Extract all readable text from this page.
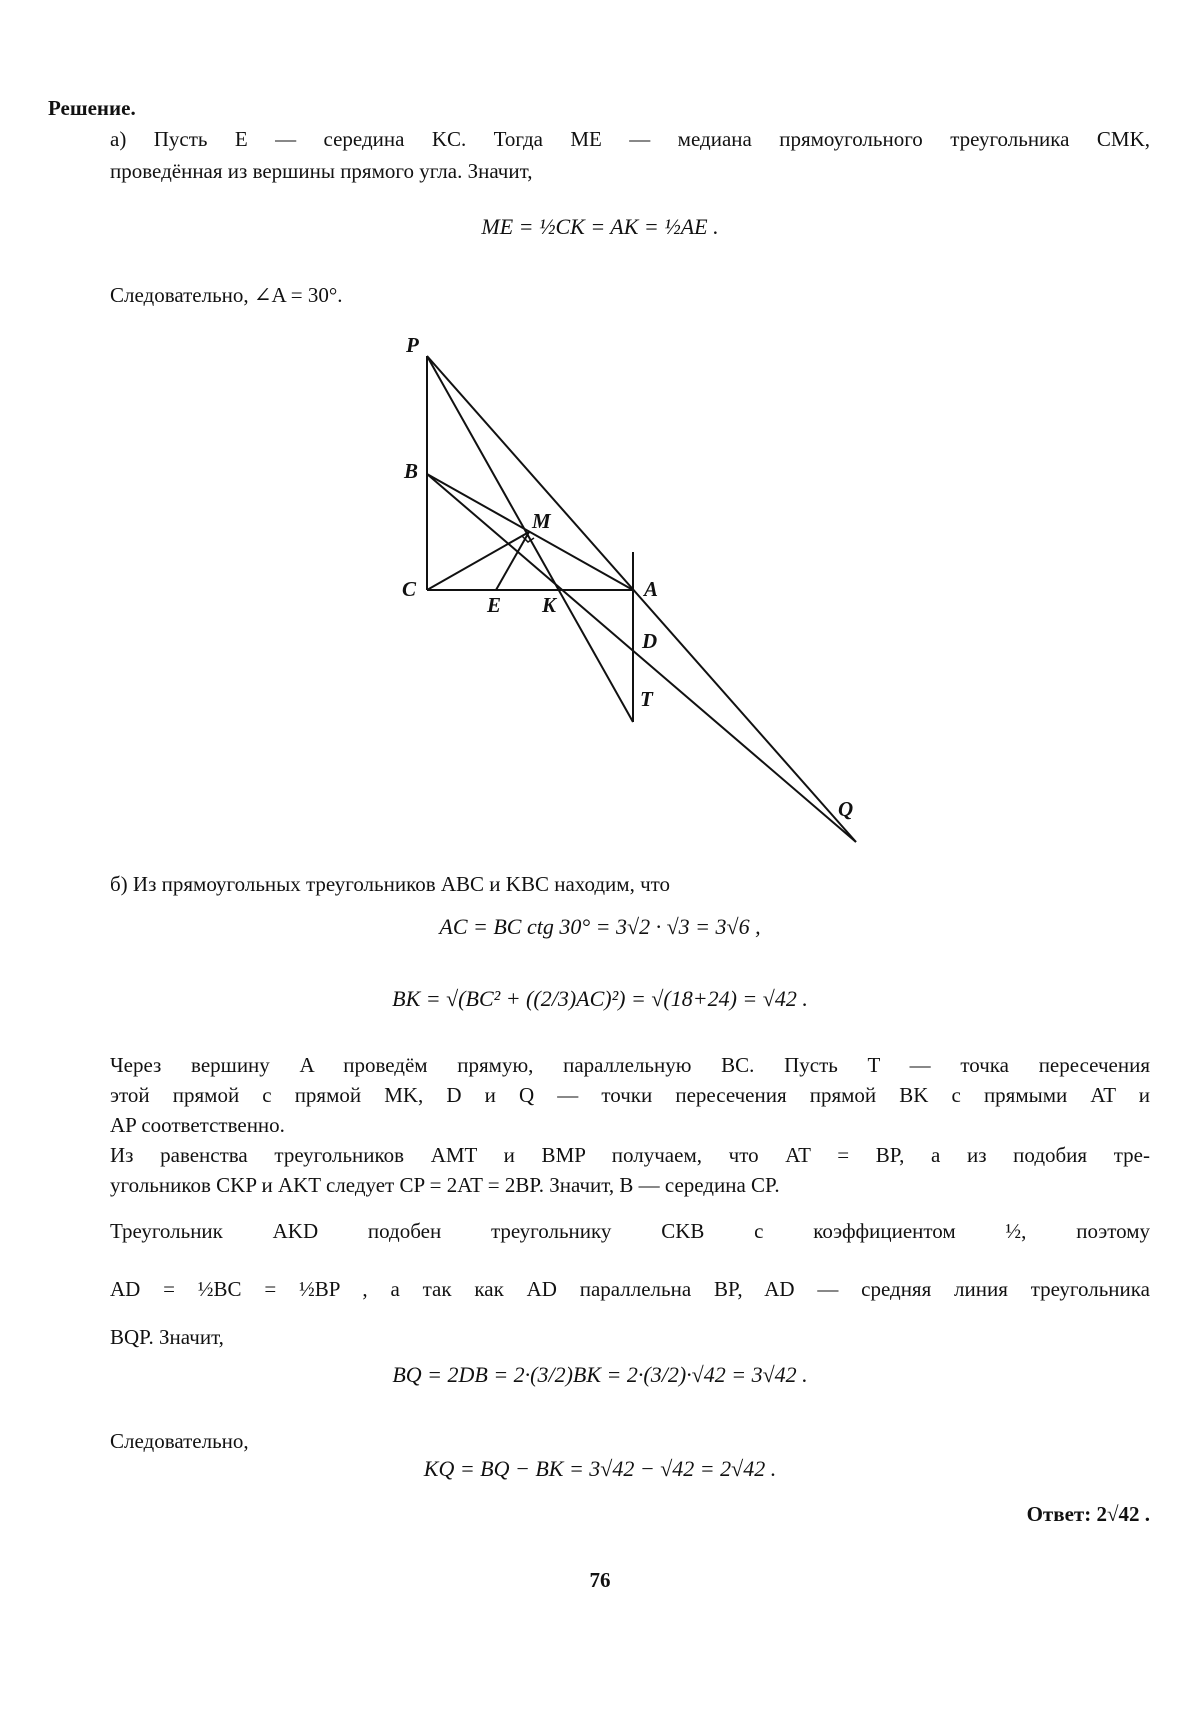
Решение.
а) Пусть E — середина KC. Тогда ME — медиана прямоугольного треугольника CMK,
проведённая из вершины прямого угла. Значит,
ME = ½CK = AK = ½AE .
Следовательно, ∠A = 30°.
P
B
M
C
E K
A
D
T
Q
б) Из прямоугольных треугольников ABC и KBC находим, что
AC = BC ctg 30° = 3√2 · √3 = 3√6 ,
BK = √(BC² + ((2/3)AC)²) = √(18+24) = √42 .
Через вершину A проведём прямую, параллельную BC. Пусть T — точка пересечения
этой прямой с прямой MK, D и Q — точки пересечения прямой BK с прямыми AT и
AP соответственно.
Из равенства треугольников AMT и BMP получаем, что AT = BP, а из подобия тре-
угольников CKP и AKT следует CP = 2AT = 2BP. Значит, B — середина CP.
Треугольник AKD подобен треугольнику CKB с коэффициентом ½, поэтому
AD = ½BC = ½BP , а так как AD параллельна BP, AD — средняя линия треугольника
BQP. Значит,
BQ = 2DB = 2·(3/2)BK = 2·(3/2)·√42 = 3√42 .
Следовательно,
KQ = BQ − BK = 3√42 − √42 = 2√42 .
Ответ: 2√42 .
76
